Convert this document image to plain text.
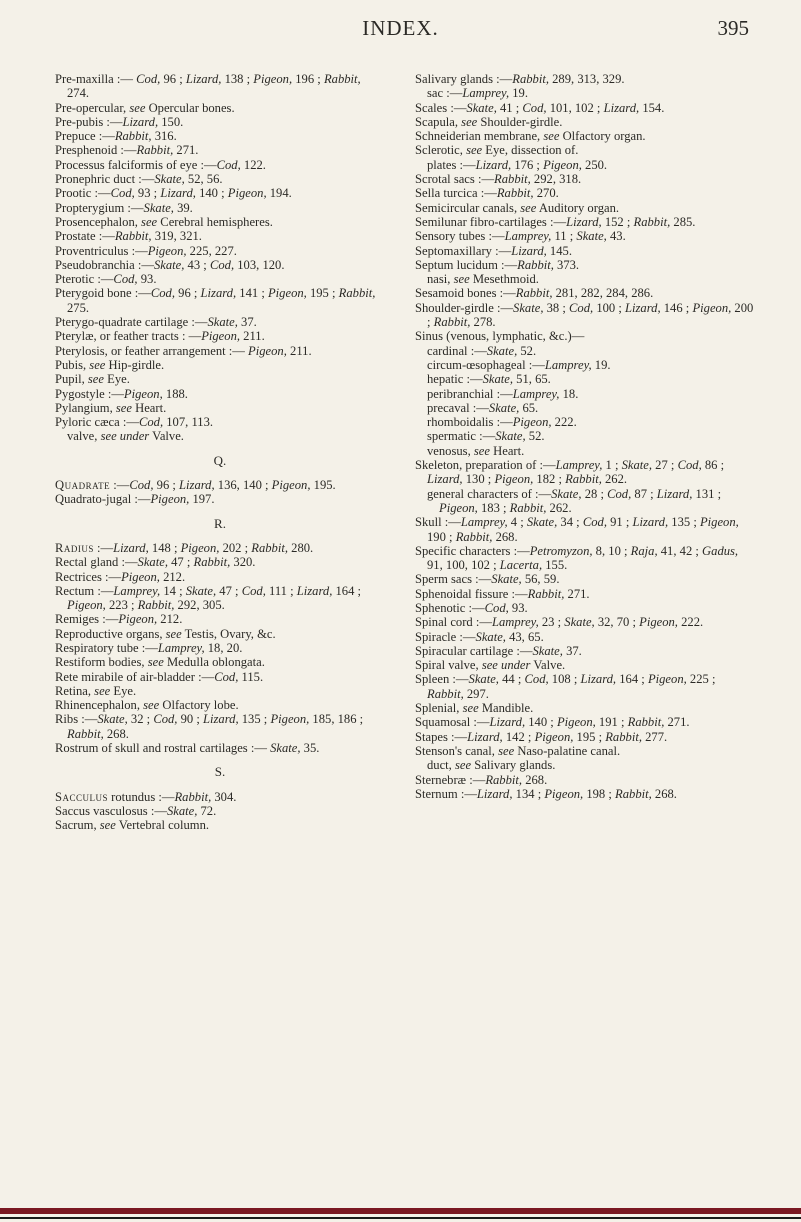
INDEX.	395

Pre-maxilla :— Cod, 96 ; Lizard, 138 ; Pigeon, 196 ; Rabbit, 274.

Pre-opercular, see Opercular bones.

Pre-pubis :—Lizard, 150.

Prepuce :—Rabbit, 316.

Presphenoid :—Rabbit, 271.

Processus falciformis of eye :—Cod, 122.

Pronephric duct :—Skate, 52, 56.

Prootic :—Cod, 93 ; Lizard, 140 ; Pigeon, 194.

Propterygium :—Skate, 39.

Prosencephalon, see Cerebral hemispheres.

Prostate :—Rabbit, 319, 321.

Proventriculus :—Pigeon, 225, 227.

Pseudobranchia :—Skate, 43 ; Cod, 103, 120.

Pterotic :—Cod, 93.

Pterygoid bone :—Cod, 96 ; Lizard, 141 ; Pigeon, 195 ; Rabbit, 275.

Pterygo-quadrate cartilage :—Skate, 37.

Pterylæ, or feather tracts : —Pigeon, 211.

Pterylosis, or feather arrangement :— Pigeon, 211.

Pubis, see Hip-girdle.

Pupil, see Eye.

Pygostyle :—Pigeon, 188.

Pylangium, see Heart.

Pyloric cæca :—Cod, 107, 113.

valve, see under Valve.

Q.

Quadrate :—Cod, 96 ; Lizard, 136, 140 ; Pigeon, 195.

Quadrato-jugal :—Pigeon, 197.

R.

Radius :—Lizard, 148 ; Pigeon, 202 ; Rabbit, 280.

Rectal gland :—Skate, 47 ; Rabbit, 320.

Rectrices :—Pigeon, 212.

Rectum :—Lamprey, 14 ; Skate, 47 ; Cod, 111 ; Lizard, 164 ; Pigeon, 223 ; Rabbit, 292, 305.

Remiges :—Pigeon, 212.

Reproductive organs, see Testis, Ovary, &c.

Respiratory tube :—Lamprey, 18, 20.

Restiform bodies, see Medulla oblongata.

Rete mirabile of air-bladder :—Cod, 115.

Retina, see Eye.

Rhinencephalon, see Olfactory lobe.

Ribs :—Skate, 32 ; Cod, 90 ; Lizard, 135 ; Pigeon, 185, 186 ; Rabbit, 268.

Rostrum of skull and rostral cartilages :— Skate, 35.

S.

Sacculus rotundus :—Rabbit, 304.

Saccus vasculosus :—Skate, 72.

Sacrum, see Vertebral column.

Salivary glands :—Rabbit, 289, 313, 329.

sac :—Lamprey, 19.

Scales :—Skate, 41 ; Cod, 101, 102 ; Lizard, 154.

Scapula, see Shoulder-girdle.

Schneiderian membrane, see Olfactory organ.

Sclerotic, see Eye, dissection of.

plates :—Lizard, 176 ; Pigeon, 250.

Scrotal sacs :—Rabbit, 292, 318.

Sella turcica :—Rabbit, 270.

Semicircular canals, see Auditory organ.

Semilunar fibro-cartilages :—Lizard, 152 ; Rabbit, 285.

Sensory tubes :—Lamprey, 11 ; Skate, 43.

Septomaxillary :—Lizard, 145.

Septum lucidum :—Rabbit, 373.

nasi, see Mesethmoid.

Sesamoid bones :—Rabbit, 281, 282, 284, 286.

Shoulder-girdle :—Skate, 38 ; Cod, 100 ; Lizard, 146 ; Pigeon, 200 ; Rabbit, 278.

Sinus (venous, lymphatic, &c.)—

cardinal :—Skate, 52.

circum-œsophageal :—Lamprey, 19.

hepatic :—Skate, 51, 65.

peribranchial :—Lamprey, 18.

precaval :—Skate, 65.

rhomboidalis :—Pigeon, 222.

spermatic :—Skate, 52.

venosus, see Heart.

Skeleton, preparation of :—Lamprey, 1 ; Skate, 27 ; Cod, 86 ; Lizard, 130 ; Pigeon, 182 ; Rabbit, 262.

general characters of :—Skate, 28 ; Cod, 87 ; Lizard, 131 ; Pigeon, 183 ; Rabbit, 262.

Skull :—Lamprey, 4 ; Skate, 34 ; Cod, 91 ; Lizard, 135 ; Pigeon, 190 ; Rabbit, 268.

Specific characters :—Petromyzon, 8, 10 ; Raja, 41, 42 ; Gadus, 91, 100, 102 ; Lacerta, 155.

Sperm sacs :—Skate, 56, 59.

Sphenoidal fissure :—Rabbit, 271.

Sphenotic :—Cod, 93.

Spinal cord :—Lamprey, 23 ; Skate, 32, 70 ; Pigeon, 222.

Spiracle :—Skate, 43, 65.

Spiracular cartilage :—Skate, 37.

Spiral valve, see under Valve.

Spleen :—Skate, 44 ; Cod, 108 ; Lizard, 164 ; Pigeon, 225 ; Rabbit, 297.

Splenial, see Mandible.

Squamosal :—Lizard, 140 ; Pigeon, 191 ; Rabbit, 271.

Stapes :—Lizard, 142 ; Pigeon, 195 ; Rabbit, 277.

Stenson's canal, see Naso-palatine canal.

duct, see Salivary glands.

Sternebræ :—Rabbit, 268.

Sternum :—Lizard, 134 ; Pigeon, 198 ; Rabbit, 268.
